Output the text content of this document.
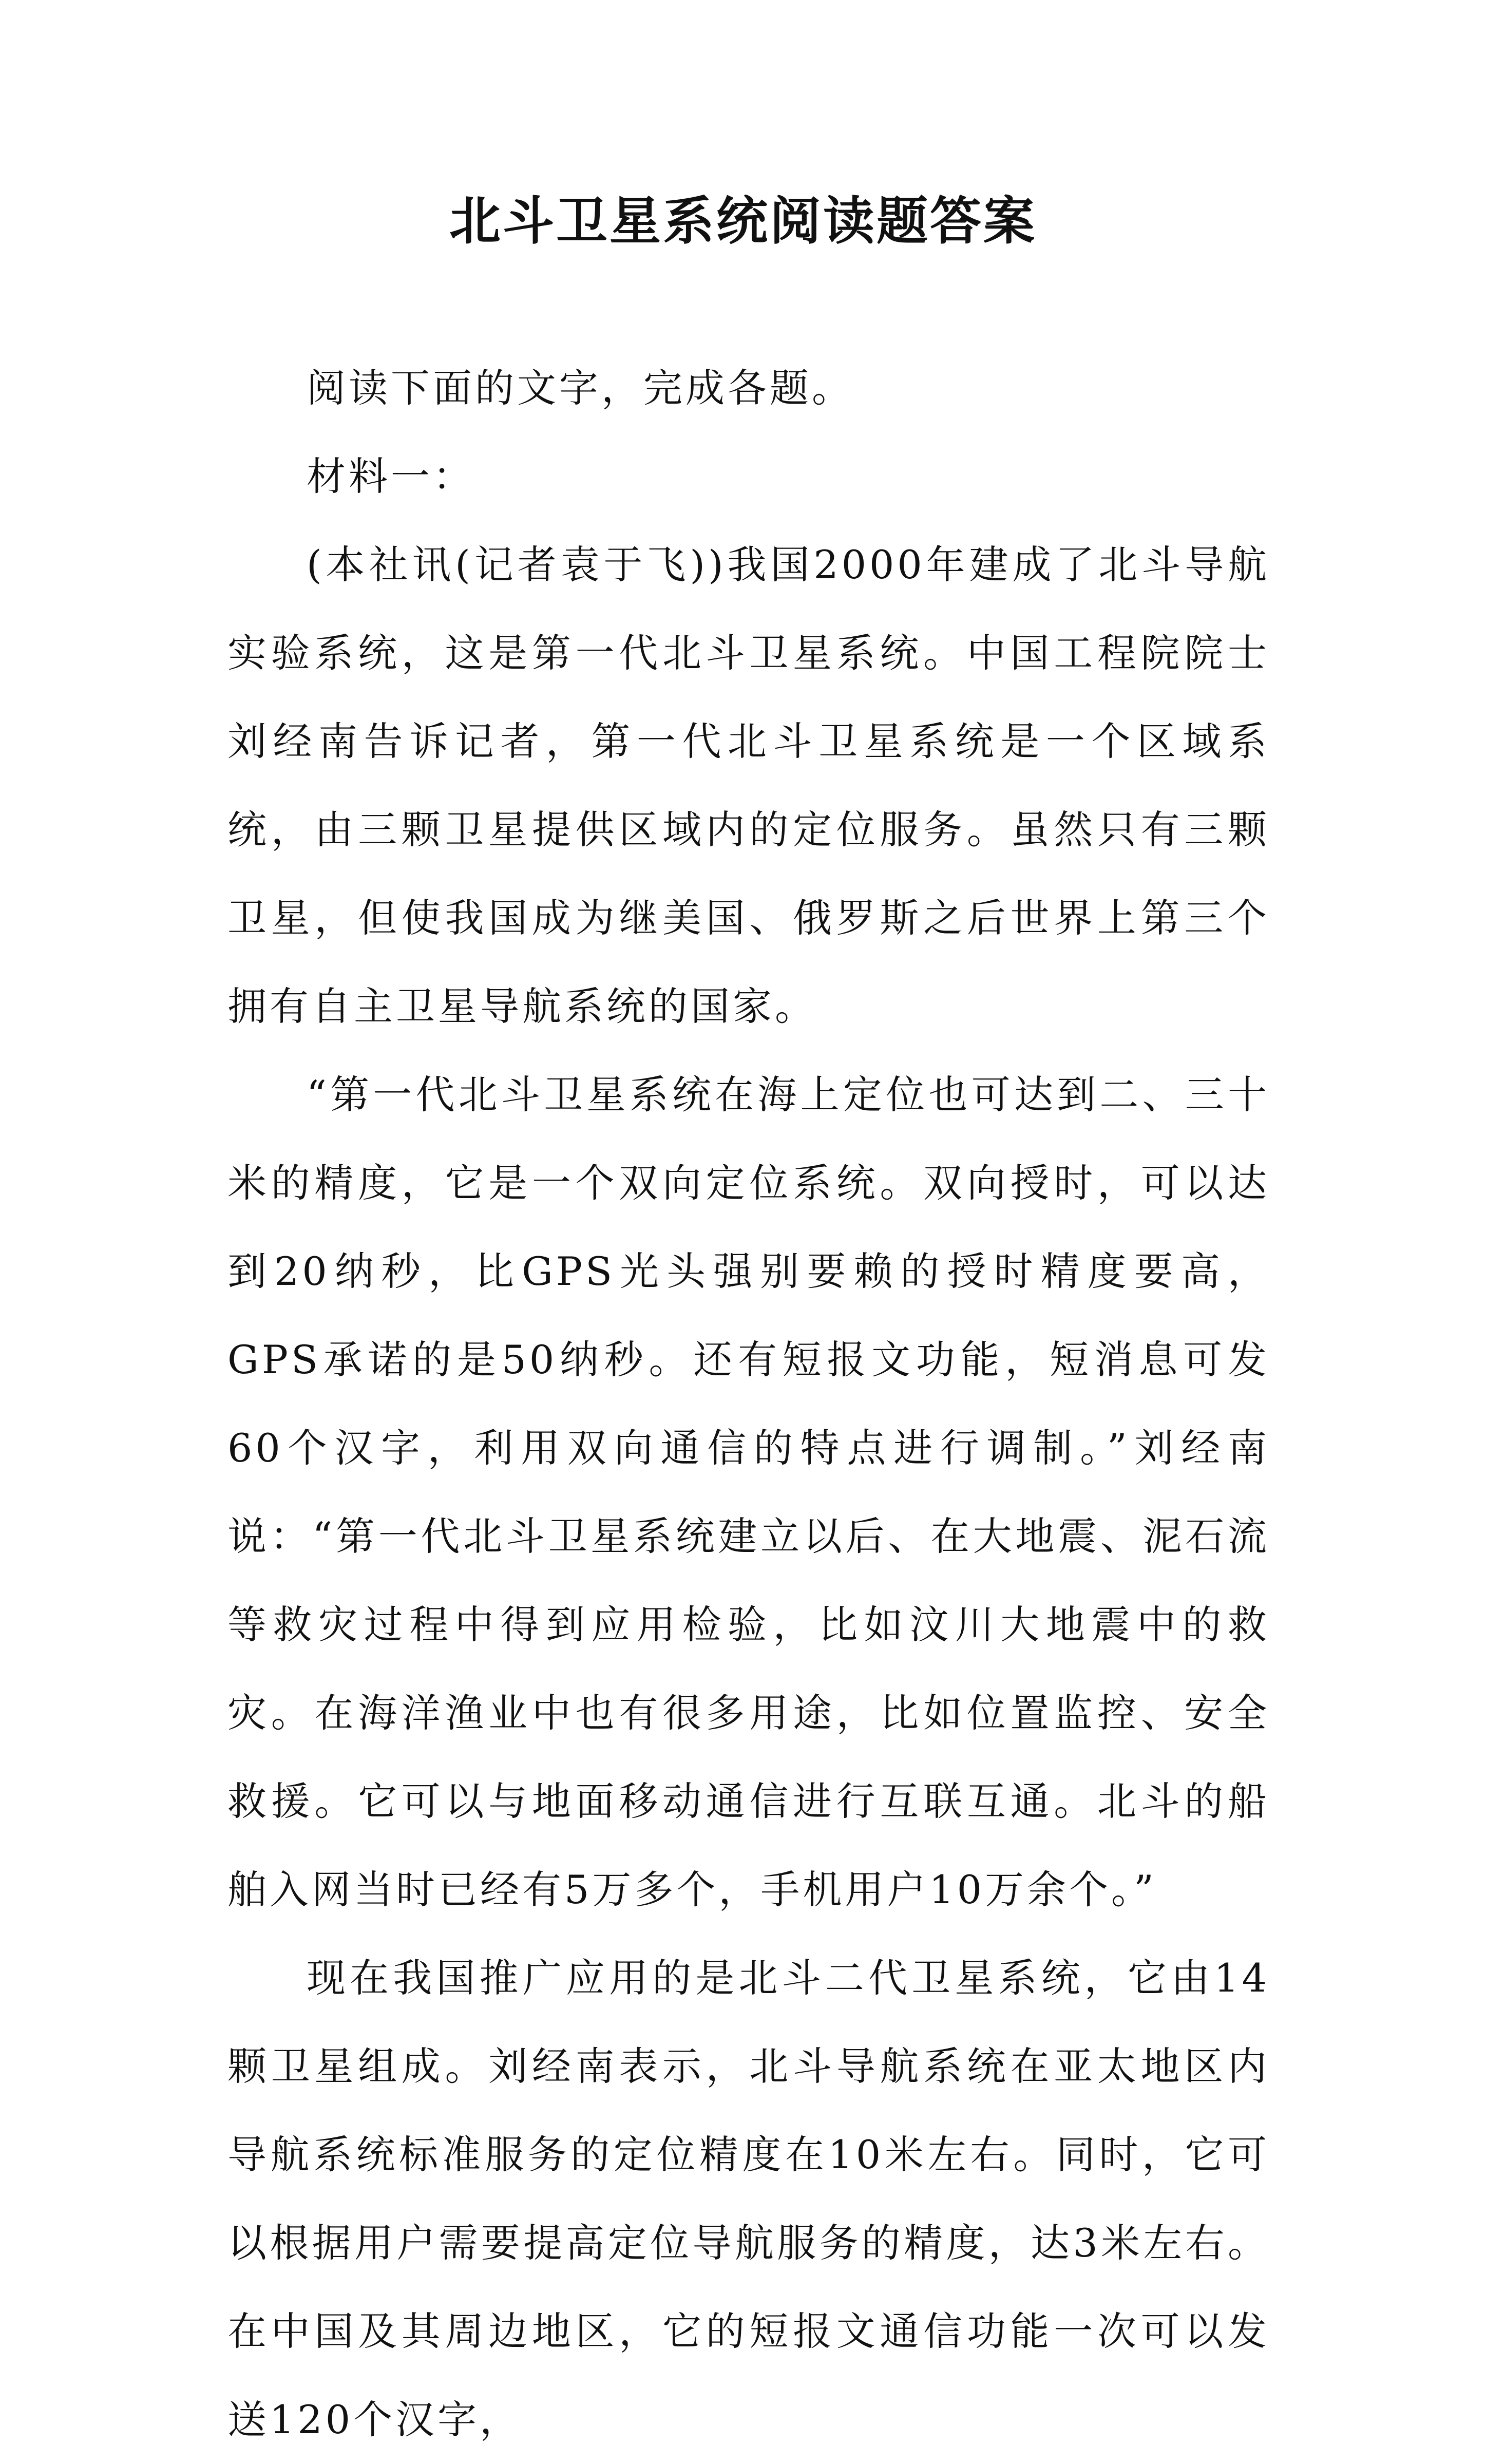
北斗卫星系统阅读题答案

阅读下面的文字，完成各题。

材料一：

(本社讯(记者袁于飞))我国2000年建成了北斗导航实验系统，这是第一代北斗卫星系统。中国工程院院士刘经南告诉记者，第一代北斗卫星系统是一个区域系统，由三颗卫星提供区域内的定位服务。虽然只有三颗卫星，但使我国成为继美国、俄罗斯之后世界上第三个拥有自主卫星导航系统的国家。

“第一代北斗卫星系统在海上定位也可达到二、三十米的精度，它是一个双向定位系统。双向授时，可以达到20纳秒，比GPS光头强别要赖的授时精度要高，GPS承诺的是50纳秒。还有短报文功能，短消息可发60个汉字，利用双向通信的特点进行调制。”刘经南说：“第一代北斗卫星系统建立以后、在大地震、泥石流等救灾过程中得到应用检验，比如汶川大地震中的救灾。在海洋渔业中也有很多用途，比如位置监控、安全救援。它可以与地面移动通信进行互联互通。北斗的船舶入网当时已经有5万多个，手机用户10万余个。”

现在我国推广应用的是北斗二代卫星系统，它由14颗卫星组成。刘经南表示，北斗导航系统在亚太地区内导航系统标准服务的定位精度在10米左右。同时，它可以根据用户需要提高定位导航服务的精度，达3米左右。在中国及其周边地区，它的短报文通信功能一次可以发送120个汉字，
